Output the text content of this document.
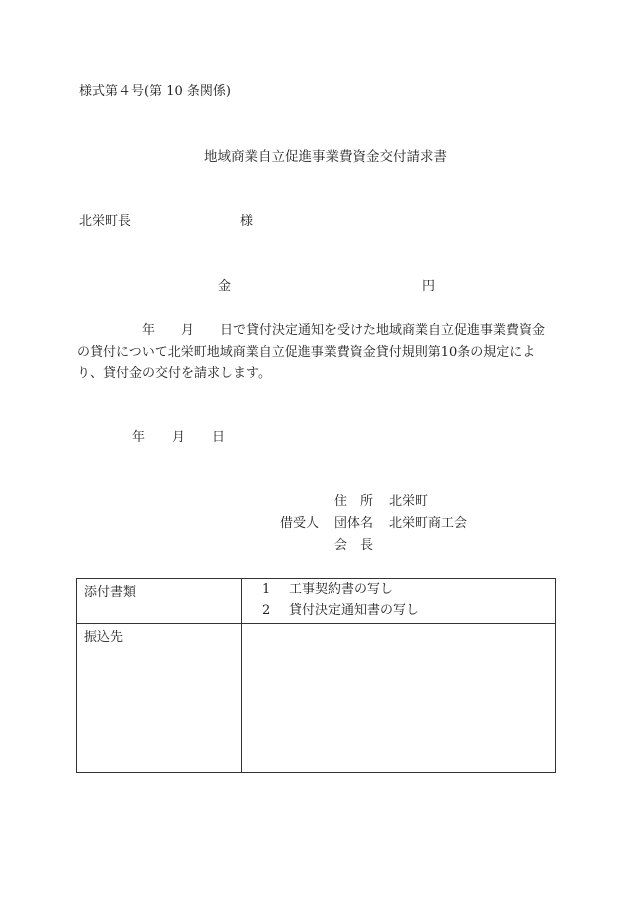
様式第４号(第 10 条関係)
地域商業自立促進事業費資金交付請求書
北栄町長	様
金	円
　　　　　年　　月　　日で貸付決定通知を受けた地域商業自立促進事業費資金
の貸付について北栄町地域商業自立促進事業費資金貸付規則第10条の規定によ
り、貸付金の交付を請求します。
年 月 日
住　所 北栄町
借受人 団体名 北栄町商工会
会　長
添付書類	1 工事契約書の写し
2 貸付決定通知書の写し

振込先	
